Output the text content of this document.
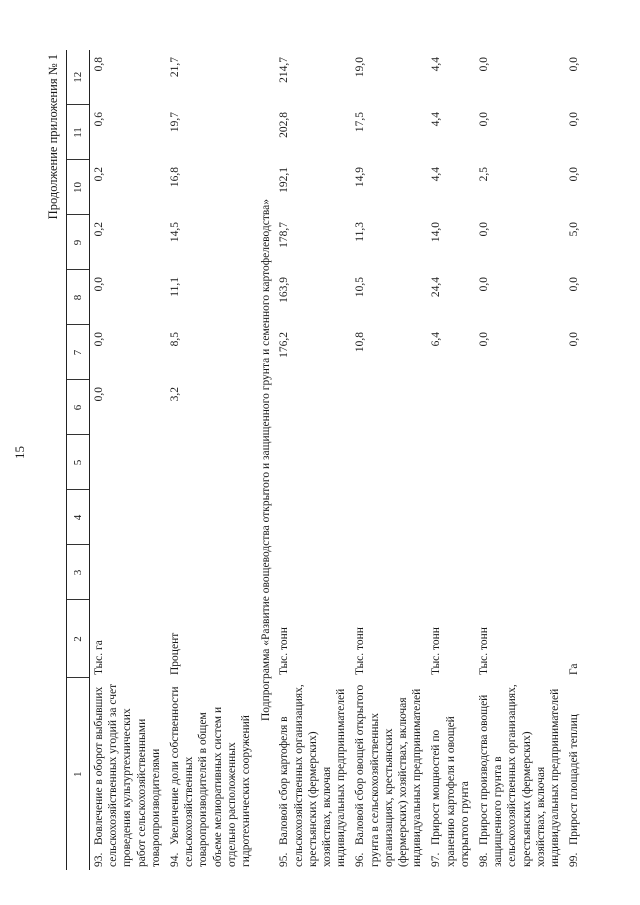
15
Продолжение приложения № 1
1	2	3	4	5	6	7	8	9	10	11	12
93.Вовлечение в оборот выбывших сельскохозяйственных угодий за счет проведения культуртехнических работ сельскохозяйственными товаропроизводителями	Тыс. га				0,0	0,0	0,0	0,2	0,2	0,6	0,8
94.Увеличение доли собственности сельскохозяйственных товаропроизводителей в общем объеме мелиоративных систем и отдельно расположенных гидротехнических сооружений	Процент				3,2	8,5	11,1	14,5	16,8	19,7	21,7
Подпрограмма «Развитие овощеводства открытого и защищенного грунта и семенного картофелеводства»											
95.Валовой сбор картофеля в сельскохозяйственных организациях, крестьянских (фермерских) хозяйствах, включая индивидуальных предпринимателей	Тыс. тонн					176,2	163,9	178,7	192,1	202,8	214,7
96.Валовой сбор овощей открытого грунта в сельскохозяйственных организациях, крестьянских (фермерских) хозяйствах, включая индивидуальных предпринимателей	Тыс. тонн					10,8	10,5	11,3	14,9	17,5	19,0
97.Прирост мощностей по хранению картофеля и овощей открытого грунта	Тыс. тонн					6,4	24,4	14,0	4,4	4,4	4,4
98.Прирост производства овощей защищенного грунта в сельскохозяйственных организациях, крестьянских (фермерских) хозяйствах, включая индивидуальных предпринимателей	Тыс. тонн					0,0	0,0	0,0	2,5	0,0	0,0
99.Прирост площадей теплиц	Га					0,0	0,0	5,0	0,0	0,0	0,0
